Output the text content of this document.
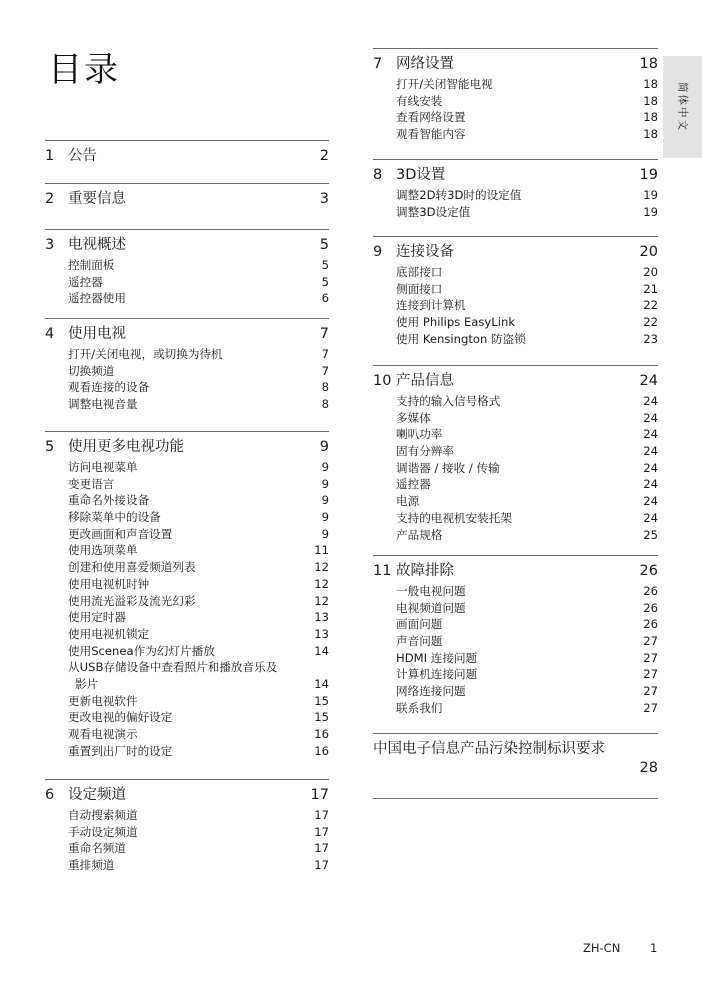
目录
简体中文
1 公告	2
2 重要信息	3
3 电视概述	5
控制面板	5
遥控器	5
遥控器使用	6
4 使用电视	7
打开/关闭电视，或切换为待机	7
切换频道	7
观看连接的设备	8
调整电视音量	8
5 使用更多电视功能	9
访问电视菜单	9
变更语言	9
重命名外接设备	9
移除菜单中的设备	9
更改画面和声音设置	9
使用选项菜单	11
创建和使用喜爱频道列表	12
使用电视机时钟	12
使用流光溢彩及流光幻彩	12
使用定时器	13
使用电视机锁定	13
使用Scenea作为幻灯片播放	14
从USB存储设备中查看照片和播放音乐及
影片	14
更新电视软件	15
更改电视的偏好设定	15
观看电视演示	16
重置到出厂时的设定	16
6 设定频道	17
自动搜索频道	17
手动设定频道	17
重命名频道	17
重排频道	17
7 网络设置	18
打开/关闭智能电视	18
有线安装	18
查看网络设置	18
观看智能内容	18
8 3D设置	19
调整2D转3D时的设定值	19
调整3D设定值	19
9 连接设备	20
底部接口	20
侧面接口	21
连接到计算机	22
使用 Philips EasyLink	22
使用 Kensington 防盗锁	23
10 产品信息	24
支持的输入信号格式	24
多媒体	24
喇叭功率	24
固有分辨率	24
调谐器 / 接收 / 传输	24
遥控器	24
电源	24
支持的电视机安装托架	24
产品规格	25
11 故障排除	26
一般电视问题	26
电视频道问题	26
画面问题	26
声音问题	27
HDMI 连接问题	27
计算机连接问题	27
网络连接问题	27
联系我们	27
中国电子信息产品污染控制标识要求
28
ZH-CN	1
